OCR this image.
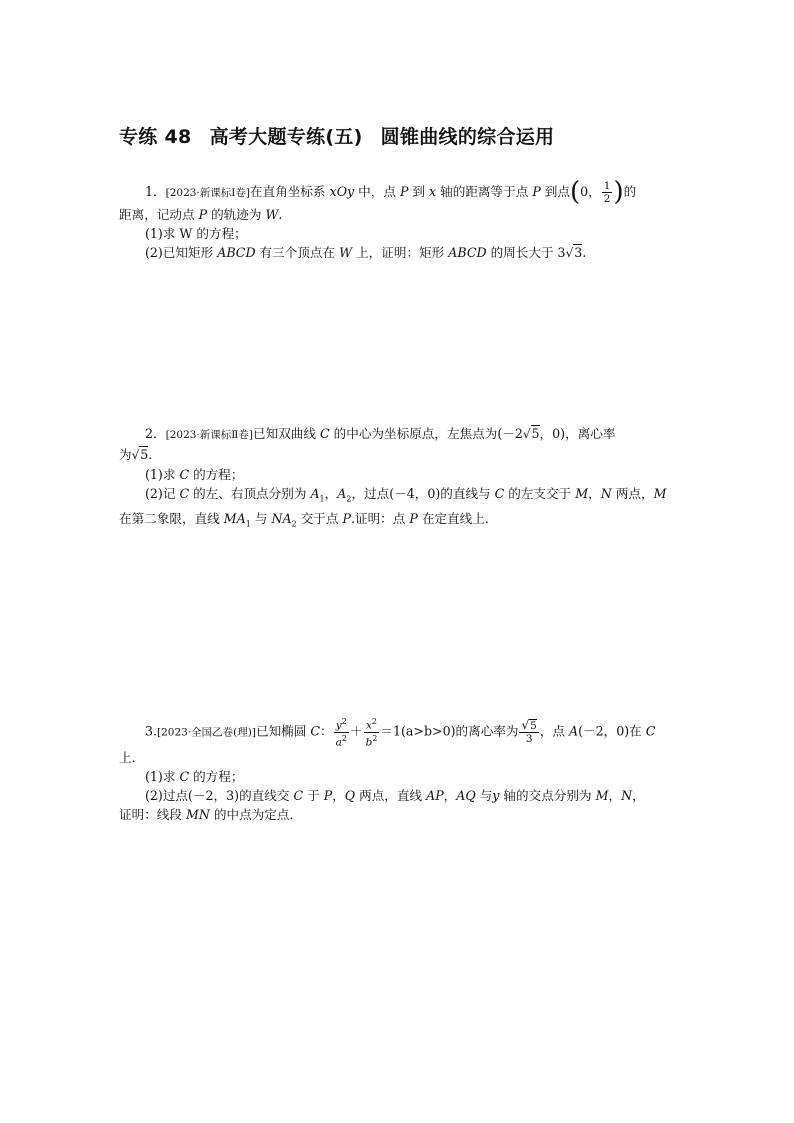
专练 48 高考大题专练(五) 圆锥曲线的综合运用
1．[2023·新课标Ⅰ卷]在直角坐标系 xOy 中，点 P 到 x 轴的距离等于点 P 到点(0， $\frac{1}{2}$ )的
距离，记动点 P 的轨迹为 W.
(1)求 W 的方程；
(2)已知矩形 ABCD 有三个顶点在 W 上，证明：矩形 ABCD 的周长大于 3√3.
2．[2023·新课标Ⅱ卷]已知双曲线 C 的中心为坐标原点，左焦点为(－2√5，0)，离心率
为√5.
(1)求 C 的方程；
(2)记 C 的左、右顶点分别为 $A_1$，$A_2$，过点(－4，0)的直线与 C 的左支交于 M，N 两点，M
在第二象限，直线 $MA_1$ 与 $NA_2$ 交于点 P.证明：点 P 在定直线上．
3.[2023·全国乙卷(理)]已知椭圆 C： $\frac{y^2}{a^2} + \frac{x^2}{b^2} =1(a>b>0)$的离心率为 $\frac{√5}{3}$ ，点 A(－2，0)在 C
上．
(1)求 C 的方程；
(2)过点(－2，3)的直线交 C 于 P，Q 两点，直线 AP，AQ 与y 轴的交点分别为 M，N，
证明：线段 MN 的中点为定点．
